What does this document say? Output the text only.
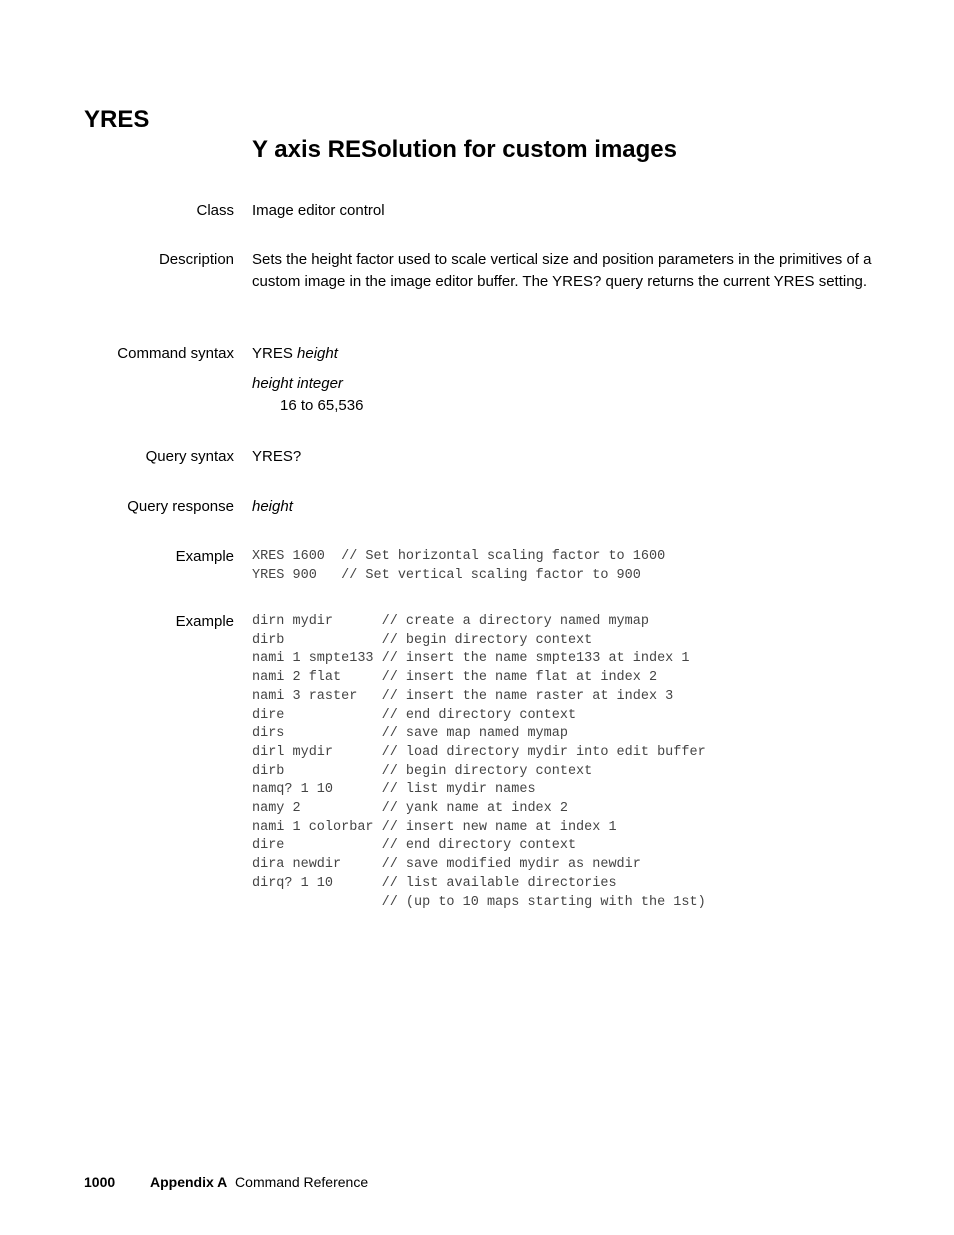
YRES
Y axis RESolution for custom images
Class Image editor control
Description Sets the height factor used to scale vertical size and position parameters in the primitives of a custom image in the image editor buffer. The YRES? query returns the current YRES setting.
Command syntax YRES height
height integer
16 to 65,536
Query syntax YRES?
Query response height
Example XRES 1600  // Set horizontal scaling factor to 1600
YRES 900   // Set vertical scaling factor to 900
Example dirn mydir      // create a directory named mymap
dirb            // begin directory context
nami 1 smpte133 // insert the name smpte133 at index 1
nami 2 flat     // insert the name flat at index 2
nami 3 raster   // insert the name raster at index 3
dire            // end directory context
dirs            // save map named mymap
dirl mydir      // load directory mydir into edit buffer
dirb            // begin directory context
namq? 1 10      // list mydir names
namy 2          // yank name at index 2
nami 1 colorbar // insert new name at index 1
dire            // end directory context
dira newdir     // save modified mydir as newdir
dirq? 1 10      // list available directories
// (up to 10 maps starting with the 1st)
1000 Appendix A Command Reference
